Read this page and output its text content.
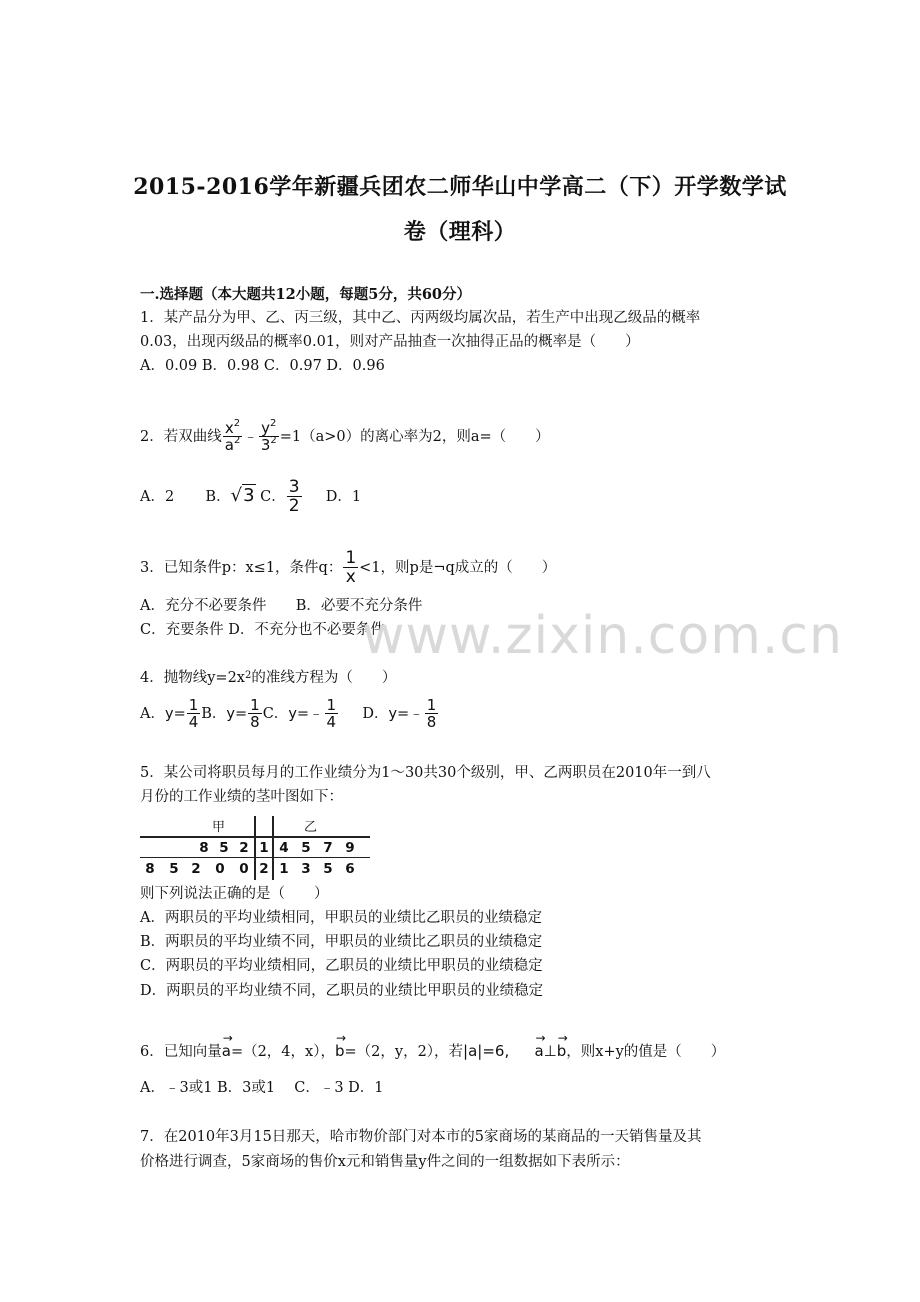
2015-2016学年新疆兵团农二师华山中学高二（下）开学数学试
卷（理科）
一.选择题（本大题共12小题，每题5分，共60分）
1．某产品分为甲、乙、丙三级，其中乙、丙两级均属次品，若生产中出现乙级品的概率
0.03，出现丙级品的概率0.01，则对产品抽查一次抽得正品的概率是（　　）
A．0.09 B．0.98 C．0.97 D．0.96
2．若双曲线 $\frac{x^2}{a^2}$ ﹣ $\frac{y^2}{3^2} =1(a>0)$的离心率为2，则a=（　　）
A．2 B．√3 C． $\frac{3}{2}$ D．1
3．已知条件p：x≤1，条件q： $\frac{1}{x} <1$，则p是¬q成立的（　　）
A．充分不必要条件 B．必要不充分条件
C．充要条件 D．不充分也不必要条件
4．抛物线$y=2x^2$的准线方程为（　　）
A．$y= \frac{1}{4}$ B．$y= \frac{1}{8}$ C．y=﹣ $\frac{1}{4}$ D．y=﹣ $\frac{1}{8}$
5．某公司将职员每月的工作业绩分为1～30共30个级别，甲、乙两职员在2010年一到八
月份的工作业绩的茎叶图如下：
甲	乙
8 5 2 1 4 5 7 9
8 5 2 0 0 2 1 3 5 6
则下列说法正确的是（　　）
A．两职员的平均业绩相同，甲职员的业绩比乙职员的业绩稳定
B．两职员的平均业绩不同，甲职员的业绩比乙职员的业绩稳定
C．两职员的平均业绩相同，乙职员的业绩比甲职员的业绩稳定
D．两职员的平均业绩不同，乙职员的业绩比甲职员的业绩稳定
6．已知向量→ a=（2，4，x），→ b=（2，y，2），若|a|=6,  → a⊥→ b，则x+y的值是（　　）
A．﹣3或1 B．3或1　 C．﹣3 D．1
7．在2010年3月15日那天，哈市物价部门对本市的5家商场的某商品的一天销售量及其
价格进行调查，5家商场的售价x元和销售量y件之间的一组数据如下表所示：
www.zixin.com.cn
